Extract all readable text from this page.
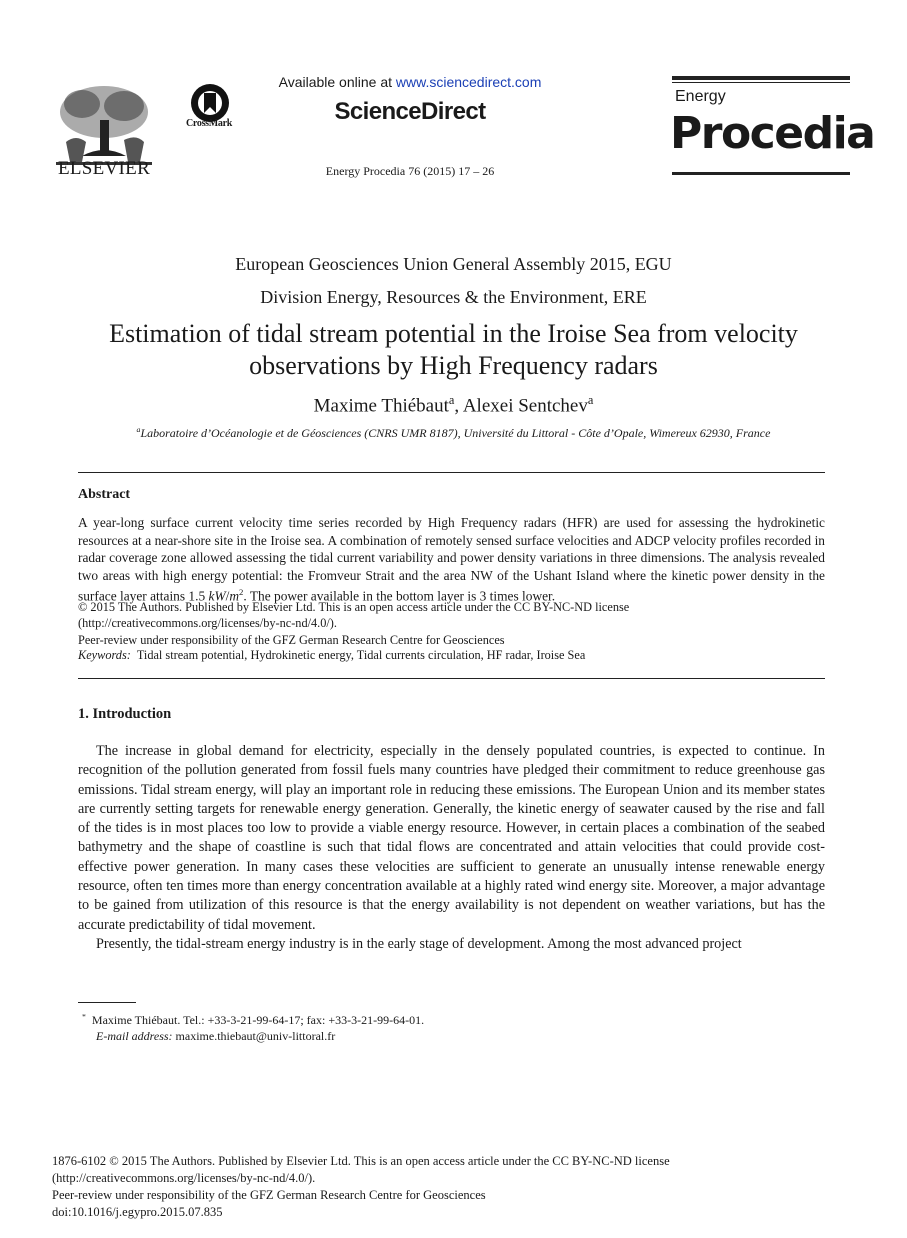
ELSEVIER
CrossMark
Available online at www.sciencedirect.com
ScienceDirect
Energy Procedia 76 (2015) 17 – 26
Energy
Procedia
European Geosciences Union General Assembly 2015, EGU
Division Energy, Resources & the Environment, ERE
Estimation of tidal stream potential in the Iroise Sea from velocity observations by High Frequency radars
Maxime Thiébaut$^a$, Alexei Sentchev$^a$
$^a$Laboratoire d’Océanologie et de Géosciences (CNRS UMR 8187), Université du Littoral - Côte d’Opale, Wimereux 62930, France
Abstract

A year-long surface current velocity time series recorded by High Frequency radars (HFR) are used for assessing the hydrokinetic resources at a near-shore site in the Iroise sea. A combination of remotely sensed surface velocities and ADCP velocity profiles recorded in radar coverage zone allowed assessing the tidal current variability and power density variations in three dimensions. The analysis revealed two areas with high energy potential: the Fromveur Strait and the area NW of the Ushant Island where the kinetic power density in the surface layer attains 1.5 $kW/m^2$. The power available in the bottom layer is 3 times lower.

© 2015 The Authors. Published by Elsevier Ltd. This is an open access article under the CC BY-NC-ND license
(http://creativecommons.org/licenses/by-nc-nd/4.0/).
Peer-review under responsibility of the GFZ German Research Centre for Geosciences
Keywords: Tidal stream potential, Hydrokinetic energy, Tidal currents circulation, HF radar, Iroise Sea
1. Introduction

The increase in global demand for electricity, especially in the densely populated countries, is expected to continue. In recognition of the pollution generated from fossil fuels many countries have pledged their commitment to reduce greenhouse gas emissions. Tidal stream energy, will play an important role in reducing these emissions. The European Union and its member states are currently setting targets for renewable energy generation. Generally, the kinetic energy of seawater caused by the rise and fall of the tides is in most places too low to provide a viable energy resource. However, in certain places a combination of the seabed bathymetry and the shape of coastline is such that tidal flows are concentrated and attain velocities that could provide cost-effective power generation. In many cases these velocities are sufficient to generate an unusually intense renewable energy resource, often ten times more than energy concentration available at a highly rated wind energy site. Moreover, a major advantage to be gained from utilization of this resource is that the energy availability is not dependent on weather variations, but has the accurate predictability of tidal movement.

Presently, the tidal-stream energy industry is in the early stage of development. Among the most advanced project

* Maxime Thiébaut. Tel.: +33-3-21-99-64-17; fax: +33-3-21-99-64-01.
E-mail address: maxime.thiebaut@univ-littoral.fr
1876-6102 © 2015 The Authors. Published by Elsevier Ltd. This is an open access article under the CC BY-NC-ND license
(http://creativecommons.org/licenses/by-nc-nd/4.0/).
Peer-review under responsibility of the GFZ German Research Centre for Geosciences
doi:10.1016/j.egypro.2015.07.835
